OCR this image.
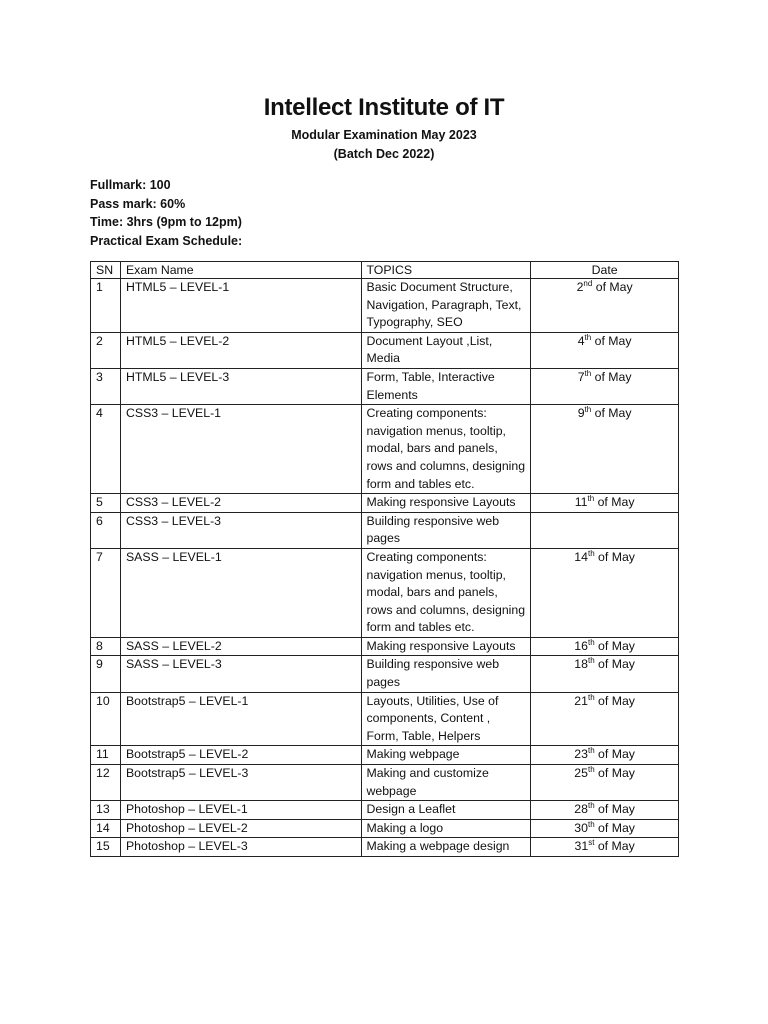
Intellect Institute of IT
Modular Examination May 2023
(Batch Dec 2022)
Fullmark: 100
Pass mark: 60%
Time: 3hrs (9pm to 12pm)
Practical Exam Schedule:
SN	Exam Name	TOPICS	Date
1	HTML5 – LEVEL-1	Basic Document Structure, Navigation, Paragraph, Text, Typography, SEO	2nd of May
2	HTML5 – LEVEL-2	Document Layout ,List, Media	4th of May
3	HTML5 – LEVEL-3	Form, Table, Interactive Elements	7th of May
4	CSS3 – LEVEL-1	Creating components: navigation menus, tooltip, modal, bars and panels, rows and columns, designing form and tables etc.	9th of May
5	CSS3 – LEVEL-2	Making responsive Layouts	11th of May
6	CSS3 – LEVEL-3	Building responsive web pages	
7	SASS – LEVEL-1	Creating components: navigation menus, tooltip, modal, bars and panels, rows and columns, designing form and tables etc.	14th of May
8	SASS – LEVEL-2	Making responsive Layouts	16th of May
9	SASS – LEVEL-3	Building responsive web pages	18th of May
10	Bootstrap5 – LEVEL-1	Layouts, Utilities, Use of components, Content , Form, Table, Helpers	21th of May
11	Bootstrap5 – LEVEL-2	Making webpage	23th of May
12	Bootstrap5 – LEVEL-3	Making and customize webpage	25th of May
13	Photoshop – LEVEL-1	Design a Leaflet	28th of May
14	Photoshop – LEVEL-2	Making a logo	30th of May
15	Photoshop – LEVEL-3	Making a webpage design	31st of May
